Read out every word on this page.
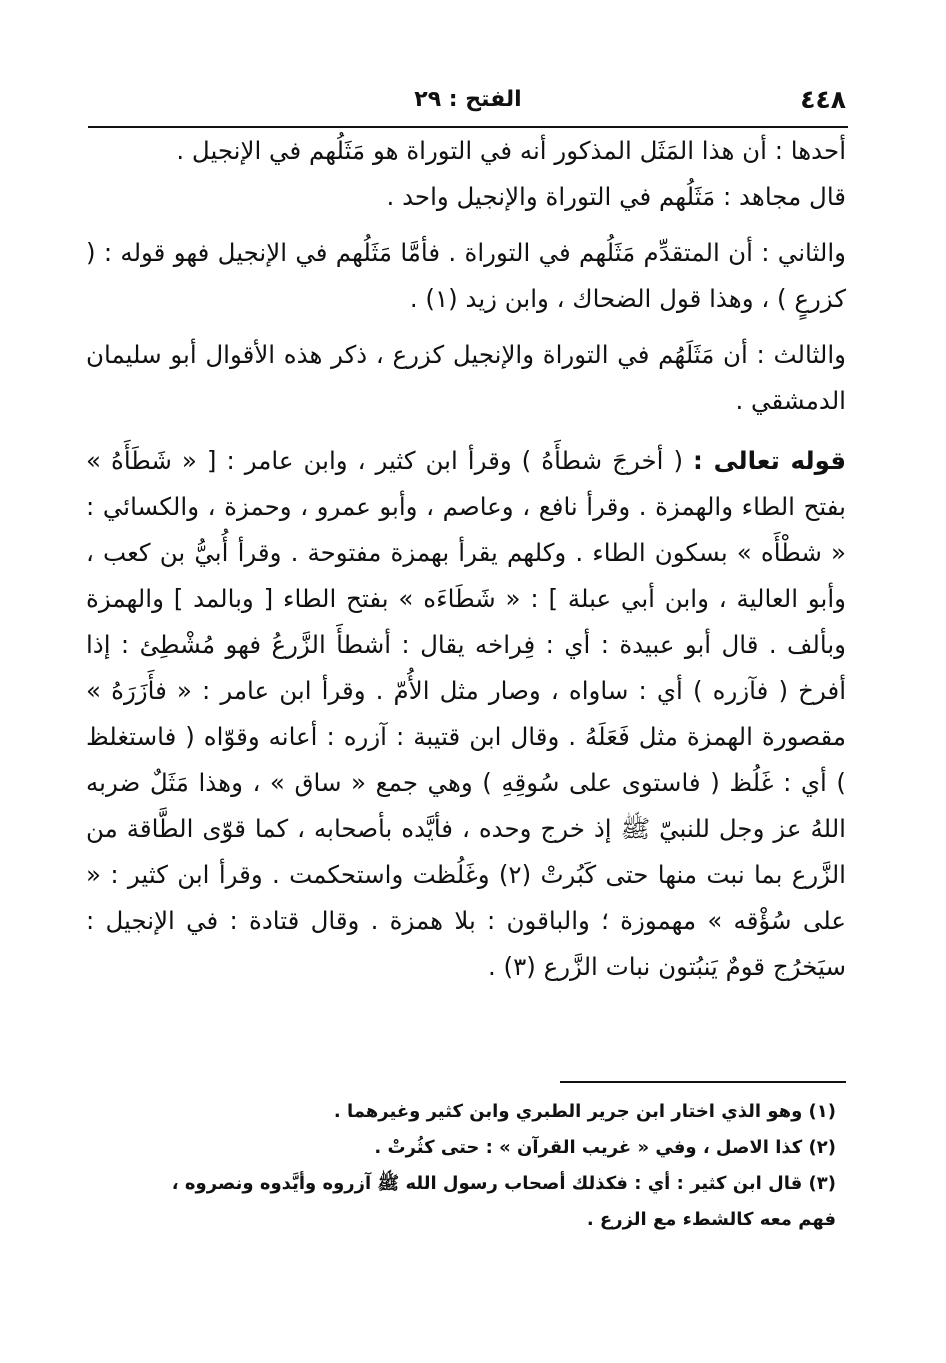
الفتح : ٢٩	٤٤٨

أحدها : أن هذا المَثَل المذكور أنه في التوراة هو مَثَلُهم في الإنجيل .

قال مجاهد : مَثَلُهم في التوراة والإنجيل واحد .

والثاني : أن المتقدِّم مَثَلُهم في التوراة . فأمَّا مَثَلُهم في الإنجيل فهو قوله : ( كزرعٍ ) ، وهذا قول الضحاك ، وابن زيد (١) .

والثالث : أن مَثَلَهُم في التوراة والإنجيل كزرع ، ذكر هذه الأقوال أبو سليمان الدمشقي .

قوله تعالى : ( أخرجَ شطأَهُ ) وقرأ ابن كثير ، وابن عامر : [ « شَطَأَهُ » بفتح الطاء والهمزة . وقرأ نافع ، وعاصم ، وأبو عمرو ، وحمزة ، والكسائي : « شطْأَه » بسكون الطاء . وكلهم يقرأ بهمزة مفتوحة . وقرأ أُبيُّ بن كعب ، وأبو العالية ، وابن أبي عبلة ] : « شَطَاءَه » بفتح الطاء [ وبالمد ] والهمزة وبألف . قال أبو عبيدة : أي : فِراخه يقال : أشطأَ الزَّرعُ فهو مُشْطِئ : إذا أفرخ ( فآزره ) أي : ساواه ، وصار مثل الأُمّ . وقرأ ابن عامر : « فأَزَرَهُ » مقصورة الهمزة مثل فَعَلَهُ . وقال ابن قتيبة : آزره : أعانه وقوّاه ( فاستغلظ ) أي : غَلُظ ( فاستوى على سُوقِهِ ) وهي جمع « ساق » ، وهذا مَثَلٌ ضربه اللهُ عز وجل للنبيّ ﷺ إذ خرج وحده ، فأيَّده بأصحابه ، كما قوّى الطَّاقة من الزَّرع بما نبت منها حتى كَبُرتْ (٢) وغَلُظت واستحكمت . وقرأ ابن كثير : « على سُؤْقه » مهموزة ؛ والباقون : بلا همزة . وقال قتادة : في الإنجيل : سيَخرُج قومٌ يَنبُتون نبات الزَّرع (٣) .

(١) وهو الذي اختار ابن جرير الطبري وابن كثير وغيرهما .

(٢) كذا الاصل ، وفي « غريب القرآن » : حتى كثُرتْ .

(٣) قال ابن كثير : أي : فكذلك أصحاب رسول الله ﷺ آزروه وأيَّدوه ونصروه ،

فهم معه كالشطء مع الزرع .
